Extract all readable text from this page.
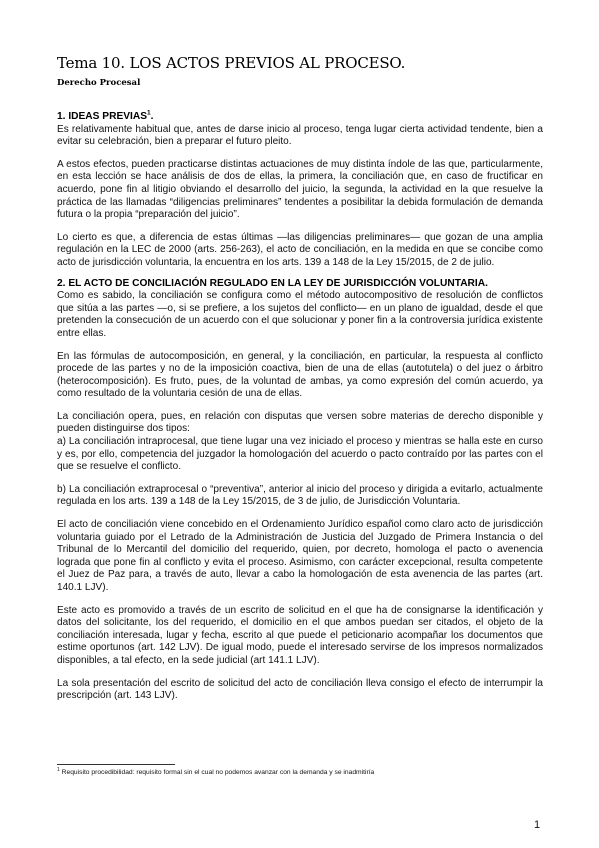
Tema 10. LOS ACTOS PREVIOS AL PROCESO.
Derecho Procesal
1. IDEAS PREVIAS$^1$.

Es relativamente habitual que, antes de darse inicio al proceso, tenga lugar cierta actividad tendente, bien a evitar su celebración, bien a preparar el futuro pleito.

A estos efectos, pueden practicarse distintas actuaciones de muy distinta índole de las que, particularmente, en esta lección se hace análisis de dos de ellas, la primera, la conciliación que, en caso de fructificar en acuerdo, pone fin al litigio obviando el desarrollo del juicio, la segunda, la actividad en la que resuelve la práctica de las llamadas “diligencias preliminares” tendentes a posibilitar la debida formulación de demanda futura o la propia “preparación del juicio”.

Lo cierto es que, a diferencia de estas últimas —las diligencias preliminares— que gozan de una amplia regulación en la LEC de 2000 (arts. 256-263), el acto de conciliación, en la medida en que se concibe como acto de jurisdicción voluntaria, la encuentra en los arts. 139 a 148 de la Ley 15/2015, de 2 de julio.

2. EL ACTO DE CONCILIACIÓN REGULADO EN LA LEY DE JURISDICCIÓN VOLUNTARIA.

Como es sabido, la conciliación se configura como el método autocompositivo de resolución de conflictos que sitúa a las partes —o, si se prefiere, a los sujetos del conflicto— en un plano de igualdad, desde el que pretenden la consecución de un acuerdo con el que solucionar y poner fin a la controversia jurídica existente entre ellas.

En las fórmulas de autocomposición, en general, y la conciliación, en particular, la respuesta al conflicto procede de las partes y no de la imposición coactiva, bien de una de ellas (autotutela) o del juez o árbitro (heterocomposición). Es fruto, pues, de la voluntad de ambas, ya como expresión del común acuerdo, ya como resultado de la voluntaria cesión de una de ellas.

La conciliación opera, pues, en relación con disputas que versen sobre materias de derecho disponible y pueden distinguirse dos tipos:

a) La conciliación intraprocesal, que tiene lugar una vez iniciado el proceso y mientras se halla este en curso y es, por ello, competencia del juzgador la homologación del acuerdo o pacto contraído por las partes con el que se resuelve el conflicto.

b) La conciliación extraprocesal o “preventiva”, anterior al inicio del proceso y dirigida a evitarlo, actualmente regulada en los arts. 139 a 148 de la Ley 15/2015, de 3 de julio, de Jurisdicción Voluntaria.

El acto de conciliación viene concebido en el Ordenamiento Jurídico español como claro acto de jurisdicción voluntaria guiado por el Letrado de la Administración de Justicia del Juzgado de Primera Instancia o del Tribunal de lo Mercantil del domicilio del requerido, quien, por decreto, homologa el pacto o avenencia lograda que pone fin al conflicto y evita el proceso. Asimismo, con carácter excepcional, resulta competente el Juez de Paz para, a través de auto, llevar a cabo la homologación de esta avenencia de las partes (art. 140.1 LJV).

Este acto es promovido a través de un escrito de solicitud en el que ha de consignarse la identificación y datos del solicitante, los del requerido, el domicilio en el que ambos puedan ser citados, el objeto de la conciliación interesada, lugar y fecha, escrito al que puede el peticionario acompañar los documentos que estime oportunos (art. 142 LJV). De igual modo, puede el interesado servirse de los impresos normalizados disponibles, a tal efecto, en la sede judicial (art 141.1 LJV).

La sola presentación del escrito de solicitud del acto de conciliación lleva consigo el efecto de interrumpir la prescripción (art. 143 LJV).

$^1$ Requisito procedibilidad: requisito formal sin el cual no podemos avanzar con la demanda y se inadmitiría
1
